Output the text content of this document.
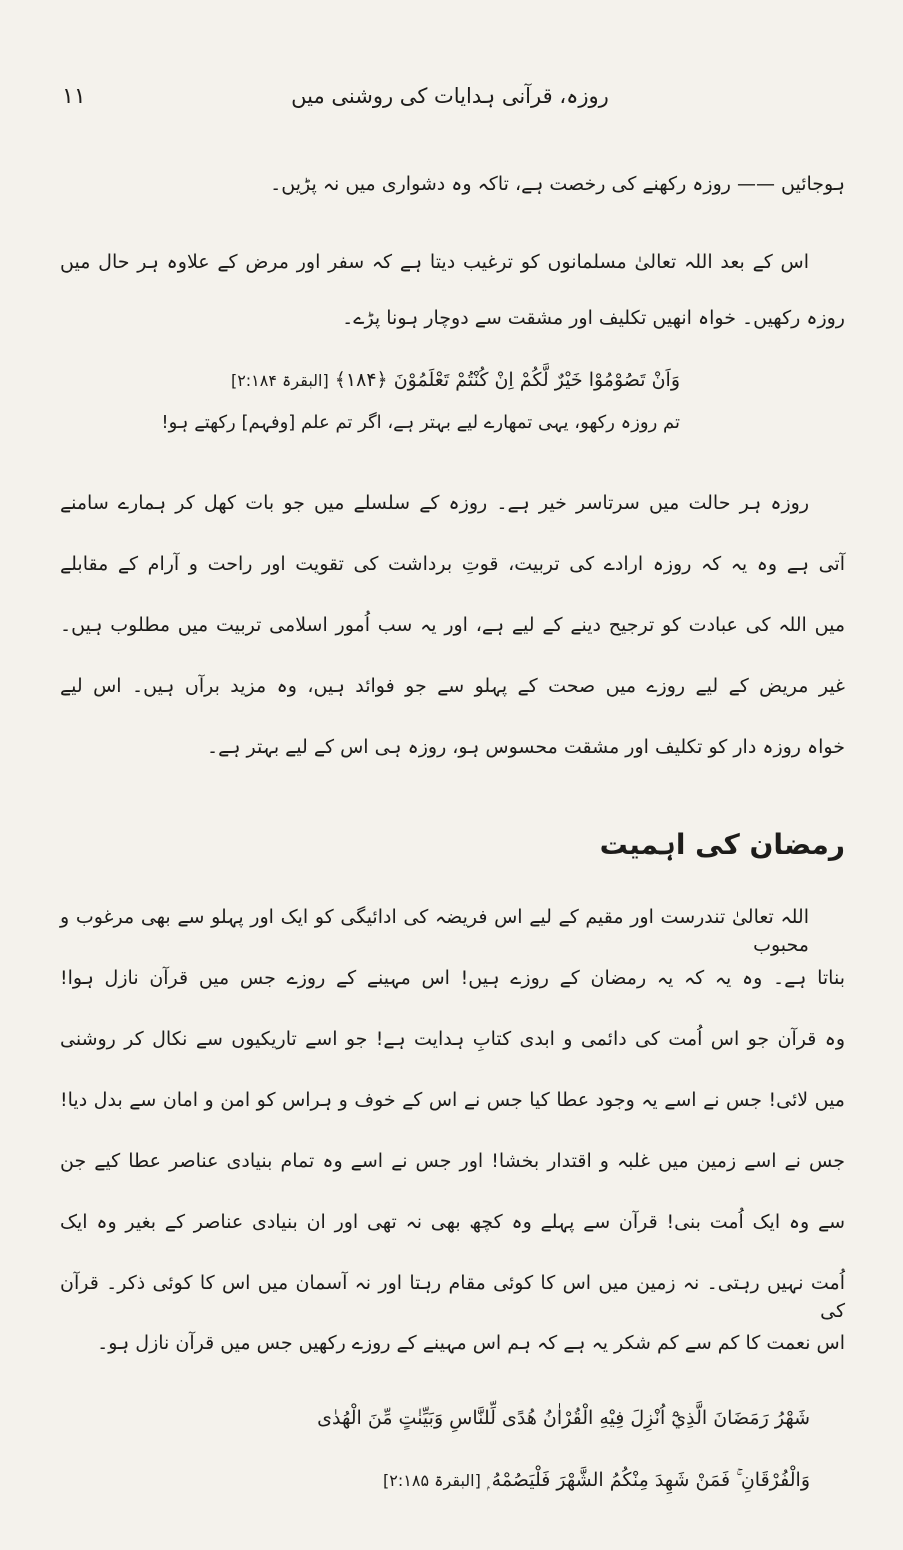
۱۱	روزہ، قرآنی ہدایات کی روشنی میں
ہوجائیں —— روزہ رکھنے کی رخصت ہے، تاکہ وہ دشواری میں نہ پڑیں۔
اس کے بعد اللہ تعالیٰ مسلمانوں کو ترغیب دیتا ہے کہ سفر اور مرض کے علاوہ ہر حال میں
روزہ رکھیں۔ خواہ انھیں تکلیف اور مشقت سے دوچار ہونا پڑے۔
وَاَنْ تَصُوْمُوْا خَيْرٌ لَّكُمْ اِنْ كُنْتُمْ تَعْلَمُوْنَ ﴿۱۸۴﴾ [البقرۃ ۲:۱۸۴]
تم روزہ رکھو، یہی تمھارے لیے بہتر ہے، اگر تم علم [وفہم] رکھتے ہو!
روزہ ہر حالت میں سرتاسر خیر ہے۔ روزہ کے سلسلے میں جو بات کھل کر ہمارے سامنے
آتی ہے وہ یہ کہ روزہ ارادے کی تربیت، قوتِ برداشت کی تقویت اور راحت و آرام کے مقابلے
میں اللہ کی عبادت کو ترجیح دینے کے لیے ہے، اور یہ سب اُمور اسلامی تربیت میں مطلوب ہیں۔
غیر مریض کے لیے روزے میں صحت کے پہلو سے جو فوائد ہیں، وہ مزید برآں ہیں۔ اس لیے
خواہ روزہ دار کو تکلیف اور مشقت محسوس ہو، روزہ ہی اس کے لیے بہتر ہے۔
رمضان کی اہمیت
اللہ تعالیٰ تندرست اور مقیم کے لیے اس فریضہ کی ادائیگی کو ایک اور پہلو سے بھی مرغوب و محبوب
بناتا ہے۔ وہ یہ کہ یہ رمضان کے روزے ہیں! اس مہینے کے روزے جس میں قرآن نازل ہوا!
وہ قرآن جو اس اُمت کی دائمی و ابدی کتابِ ہدایت ہے! جو اسے تاریکیوں سے نکال کر روشنی
میں لائی! جس نے اسے یہ وجود عطا کیا جس نے اس کے خوف و ہراس کو امن و امان سے بدل دیا!
جس نے اسے زمین میں غلبہ و اقتدار بخشا! اور جس نے اسے وہ تمام بنیادی عناصر عطا کیے جن
سے وہ ایک اُمت بنی! قرآن سے پہلے وہ کچھ بھی نہ تھی اور ان بنیادی عناصر کے بغیر وہ ایک
اُمت نہیں رہتی۔ نہ زمین میں اس کا کوئی مقام رہتا اور نہ آسمان میں اس کا کوئی ذکر۔ قرآن کی
اس نعمت کا کم سے کم شکر یہ ہے کہ ہم اس مہینے کے روزے رکھیں جس میں قرآن نازل ہو۔
شَهْرُ رَمَضَانَ الَّذِيْٓ اُنْزِلَ فِيْهِ الْقُرْاٰنُ هُدًى لِّلنَّاسِ وَبَيِّنٰتٍ مِّنَ الْهُدٰى
وَالْفُرْقَانِ ۚ فَمَنْ شَهِدَ مِنْكُمُ الشَّهْرَ فَلْيَصُمْهُ ۭ [البقرۃ ۲:۱۸۵]
